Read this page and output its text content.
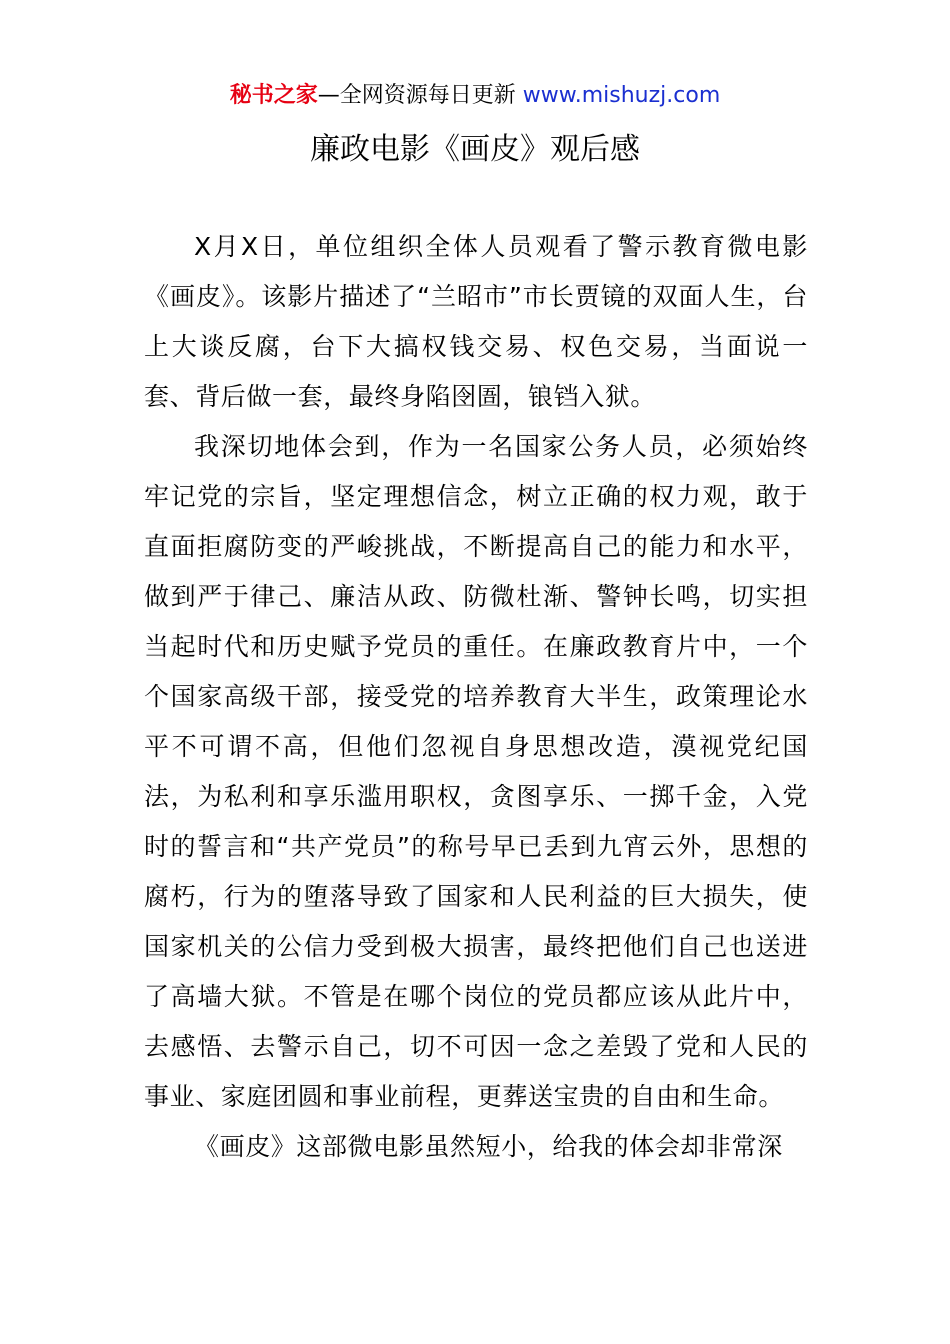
秘书之家—全网资源每日更新 www.mishuzj.com
廉政电影《画皮》观后感

X月X日，单位组织全体人员观看了警示教育微电影《画皮》。该影片描述了“兰昭市”市长贾镜的双面人生，台上大谈反腐，台下大搞权钱交易、权色交易，当面说一套、背后做一套，最终身陷囹圄，锒铛入狱。

我深切地体会到，作为一名国家公务人员，必须始终牢记党的宗旨，坚定理想信念，树立正确的权力观，敢于直面拒腐防变的严峻挑战，不断提高自己的能力和水平，做到严于律己、廉洁从政、防微杜渐、警钟长鸣，切实担当起时代和历史赋予党员的重任。在廉政教育片中，一个个国家高级干部，接受党的培养教育大半生，政策理论水平不可谓不高，但他们忽视自身思想改造，漠视党纪国法，为私利和享乐滥用职权，贪图享乐、一掷千金，入党时的誓言和“共产党员”的称号早已丢到九宵云外，思想的腐朽，行为的堕落导致了国家和人民利益的巨大损失，使国家机关的公信力受到极大损害，最终把他们自己也送进了高墙大狱。不管是在哪个岗位的党员都应该从此片中，去感悟、去警示自己，切不可因一念之差毁了党和人民的事业、家庭团圆和事业前程，更葬送宝贵的自由和生命。

《画皮》这部微电影虽然短小，给我的体会却非常深
